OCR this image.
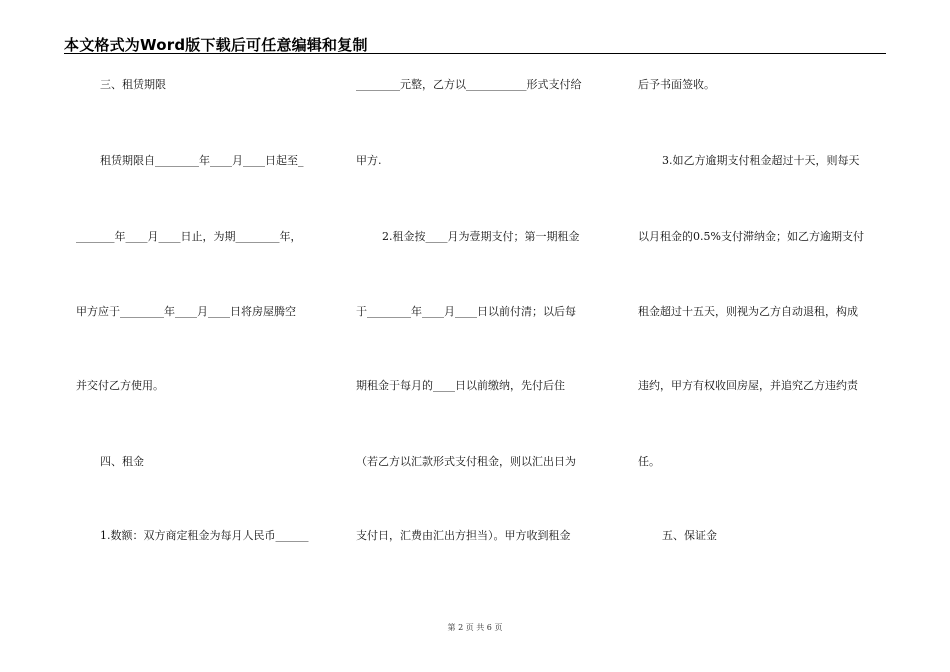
本文格式为Word版下载后可任意编辑和复制
三、租赁期限
租赁期限自________年____月____日起至_
_______年____月____日止，为期________年，
甲方应于________年____月____日将房屋腾空
并交付乙方使用。
四、租金
1.数额：双方商定租金为每月人民币______
________元整，乙方以___________形式支付给
甲方.
2.租金按____月为壹期支付；第一期租金
于________年____月____日以前付清；以后每
期租金于每月的____日以前缴纳，先付后住
（若乙方以汇款形式支付租金，则以汇出日为
支付日，汇费由汇出方担当）。甲方收到租金
后予书面签收。
3.如乙方逾期支付租金超过十天，则每天
以月租金的0.5%支付滞纳金；如乙方逾期支付
租金超过十五天，则视为乙方自动退租，构成
违约，甲方有权收回房屋，并追究乙方违约责
任。
五、保证金
第 2 页 共 6 页
